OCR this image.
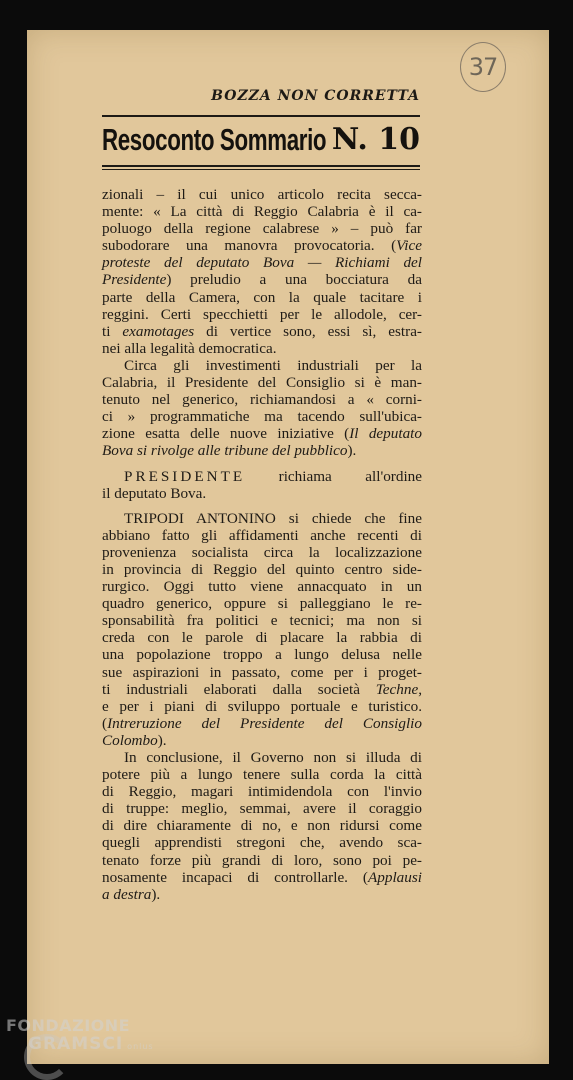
37
BOZZA NON CORRETTA
Resoconto Sommario N. 10

zionali – il cui unico articolo recita secca-

mente: « La città di Reggio Calabria è il ca-

poluogo della regione calabrese » – può far

subodorare una manovra provocatoria. (Vice

proteste del deputato Bova — Richiami del

Presidente) preludio a una bocciatura da

parte della Camera, con la quale tacitare i

reggini. Certi specchietti per le allodole, cer-

ti examotages di vertice sono, essi sì, estra-

nei alla legalità democratica.

Circa gli investimenti industriali per la

Calabria, il Presidente del Consiglio si è man-

tenuto nel generico, richiamandosi a « corni-

ci » programmatiche ma tacendo sull'ubica-

zione esatta delle nuove iniziative (Il deputato

Bova si rivolge alle tribune del pubblico).

PRESIDENTE richiama all'ordine

il deputato Bova.

TRIPODI ANTONINO si chiede che fine

abbiano fatto gli affidamenti anche recenti di

provenienza socialista circa la localizzazione

in provincia di Reggio del quinto centro side-

rurgico. Oggi tutto viene annacquato in un

quadro generico, oppure si palleggiano le re-

sponsabilità fra politici e tecnici; ma non si

creda con le parole di placare la rabbia di

una popolazione troppo a lungo delusa nelle

sue aspirazioni in passato, come per i proget-

ti industriali elaborati dalla società Techne,

e per i piani di sviluppo portuale e turistico.

(Intreruzione del Presidente del Consiglio

Colombo).

In conclusione, il Governo non si illuda di

potere più a lungo tenere sulla corda la città

di Reggio, magari intimidendola con l'invio

di truppe: meglio, semmai, avere il coraggio

di dire chiaramente di no, e non ridursi come

quegli apprendisti stregoni che, avendo sca-

tenato forze più grandi di loro, sono poi pe-

nosamente incapaci di controllarle. (Applausi

a destra).

FONDAZIONE
GRAMSCI onlus
